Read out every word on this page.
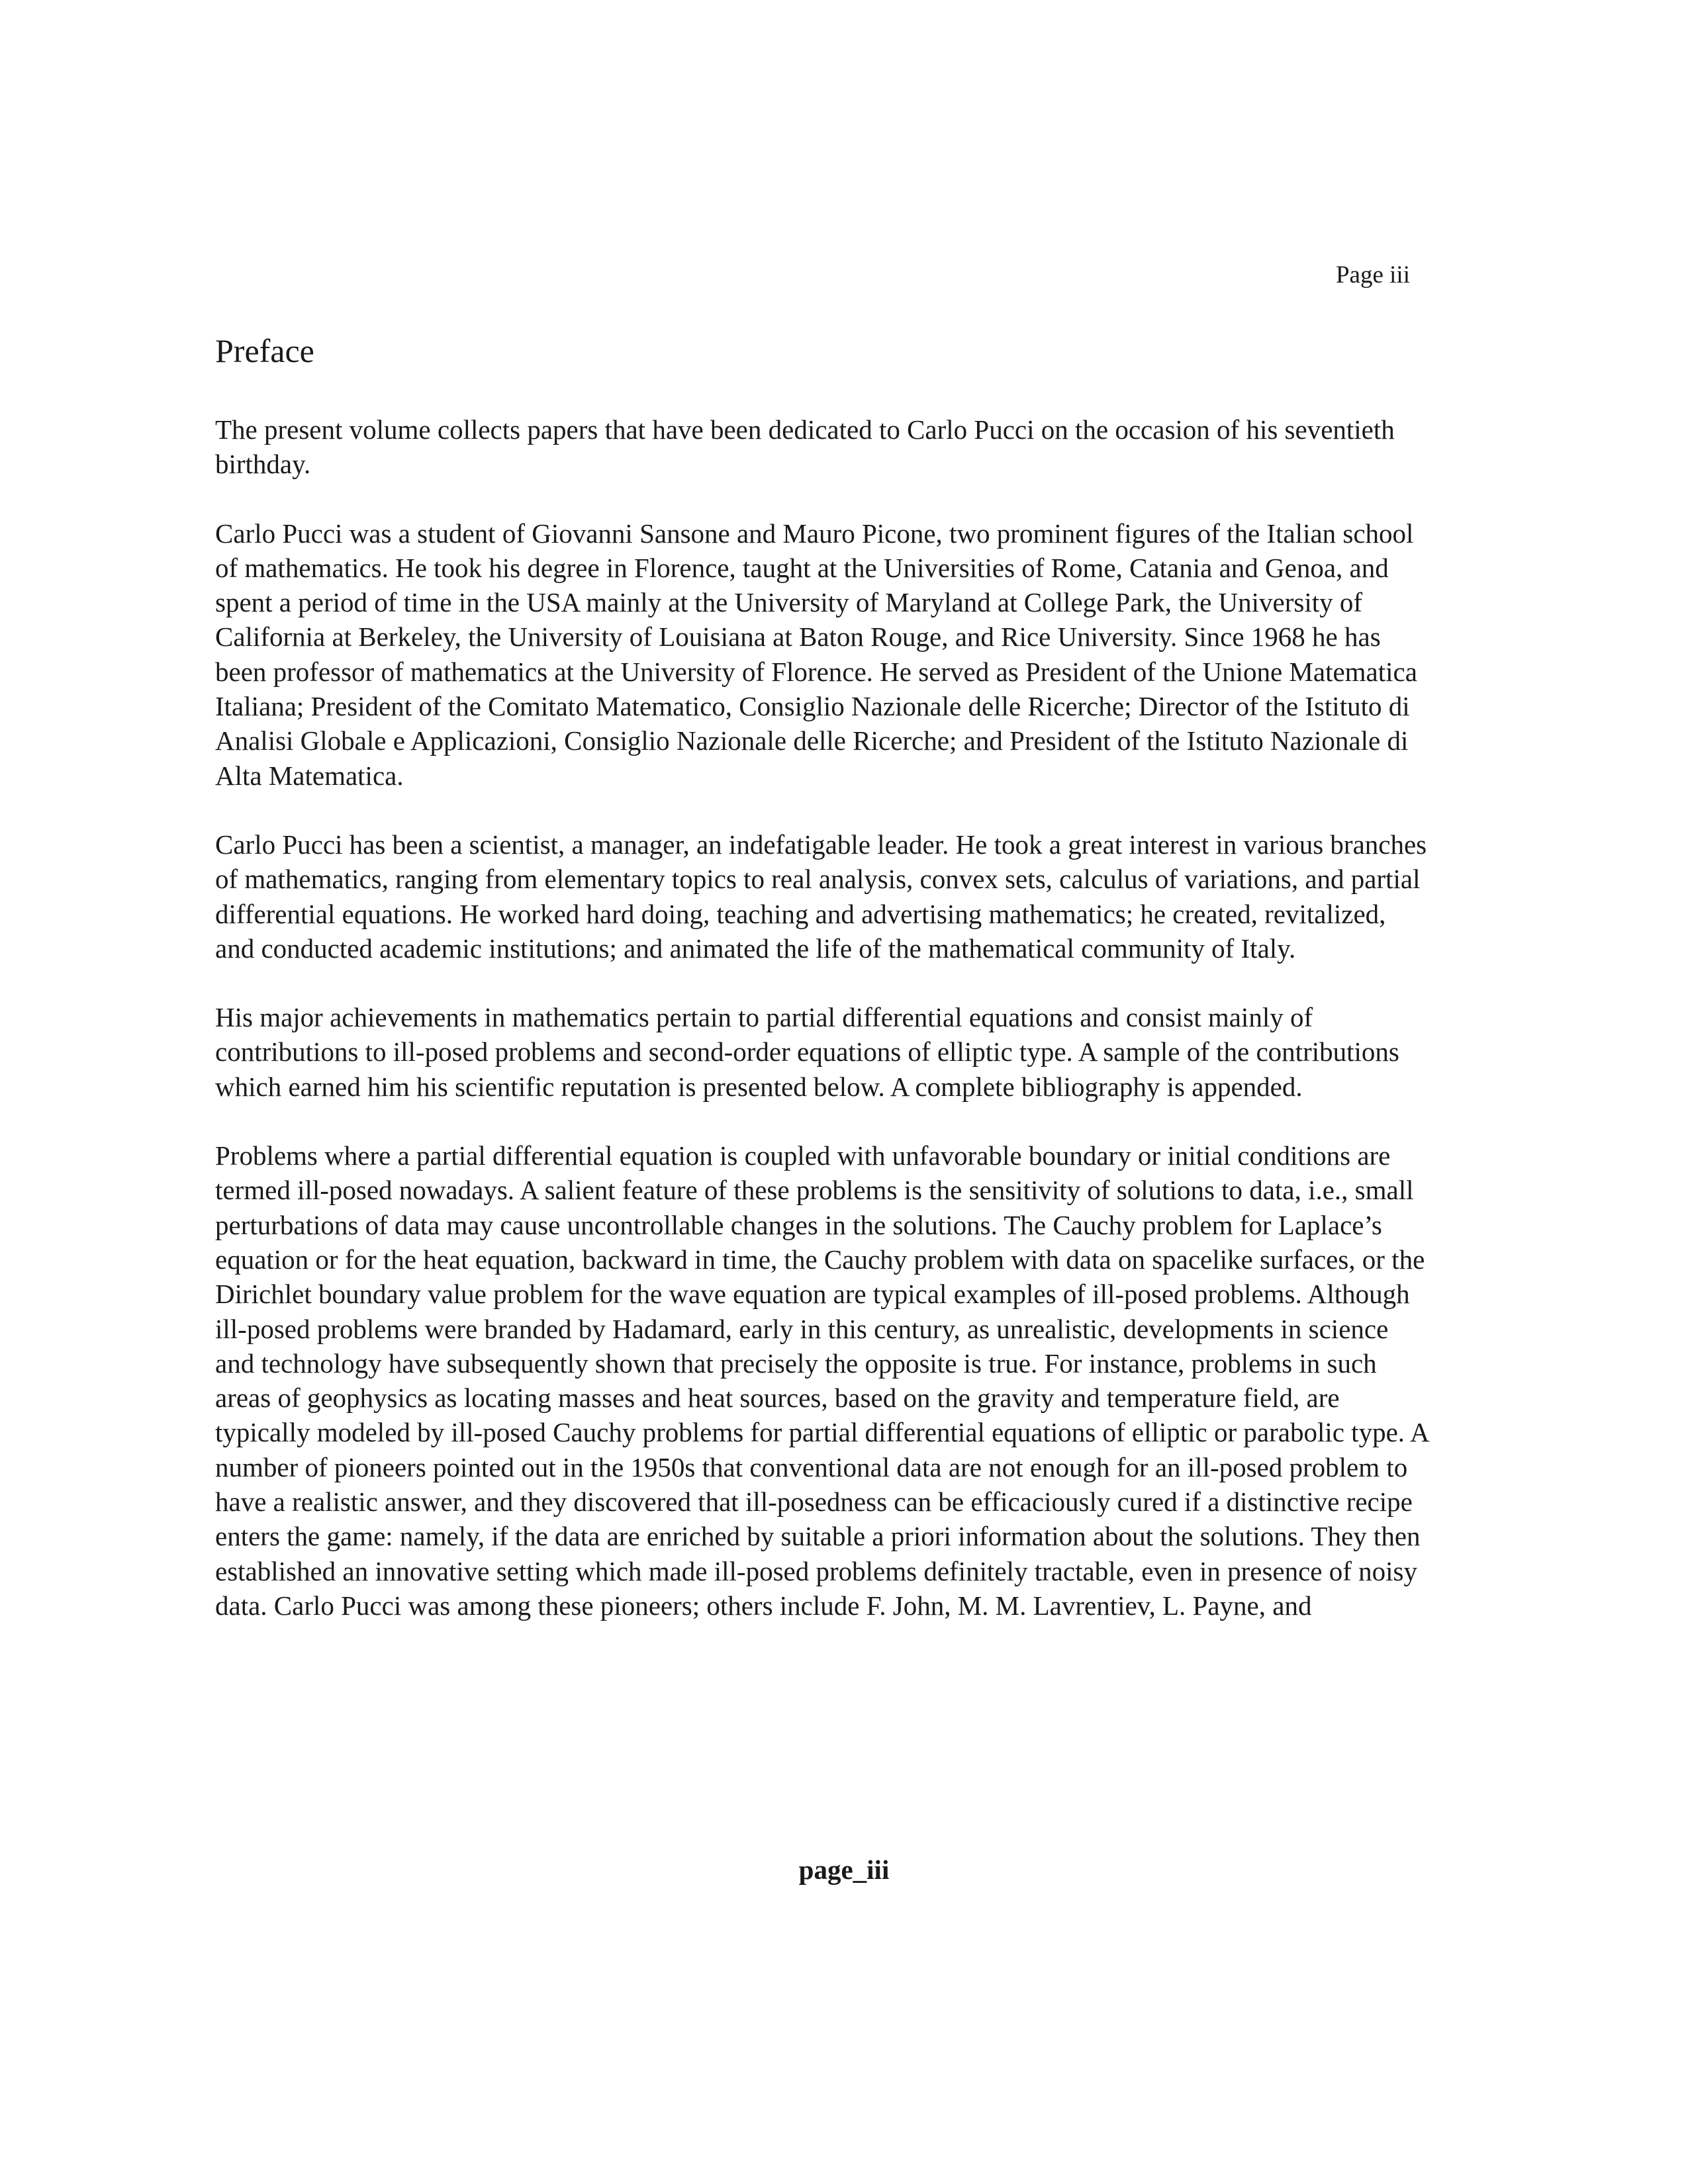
Page iii
Preface

The present volume collects papers that have been dedicated to Carlo Pucci on the occasion of his seventieth birthday.

Carlo Pucci was a student of Giovanni Sansone and Mauro Picone, two prominent figures of the Italian school of mathematics. He took his degree in Florence, taught at the Universities of Rome, Catania and Genoa, and spent a period of time in the USA mainly at the University of Maryland at College Park, the University of California at Berkeley, the University of Louisiana at Baton Rouge, and Rice University. Since 1968 he has been professor of mathematics at the University of Florence. He served as President of the Unione Matematica Italiana; President of the Comitato Matematico, Consiglio Nazionale delle Ricerche; Director of the Istituto di Analisi Globale e Applicazioni, Consiglio Nazionale delle Ricerche; and President of the Istituto Nazionale di Alta Matematica.

Carlo Pucci has been a scientist, a manager, an indefatigable leader. He took a great interest in various branches of mathematics, ranging from elementary topics to real analysis, convex sets, calculus of variations, and partial differential equations. He worked hard doing, teaching and advertising mathematics; he created, revitalized, and conducted academic institutions; and animated the life of the mathematical community of Italy.

His major achievements in mathematics pertain to partial differential equations and consist mainly of contributions to ill-posed problems and second-order equations of elliptic type. A sample of the contributions which earned him his scientific reputation is presented below. A complete bibliography is appended.

Problems where a partial differential equation is coupled with unfavorable boundary or initial conditions are termed ill-posed nowadays. A salient feature of these problems is the sensitivity of solutions to data, i.e., small perturbations of data may cause uncontrollable changes in the solutions. The Cauchy problem for Laplace’s equation or for the heat equation, backward in time, the Cauchy problem with data on spacelike surfaces, or the Dirichlet boundary value problem for the wave equation are typical examples of ill-posed problems. Although ill-posed problems were branded by Hadamard, early in this century, as unrealistic, developments in science and technology have subsequently shown that precisely the opposite is true. For instance, problems in such areas of geophysics as locating masses and heat sources, based on the gravity and temperature field, are typically modeled by ill-posed Cauchy problems for partial differential equations of elliptic or parabolic type. A number of pioneers pointed out in the 1950s that conventional data are not enough for an ill-posed problem to have a realistic answer, and they discovered that ill-posedness can be efficaciously cured if a distinctive recipe enters the game: namely, if the data are enriched by suitable a priori information about the solutions. They then established an innovative setting which made ill-posed problems definitely tractable, even in presence of noisy data. Carlo Pucci was among these pioneers; others include F. John, M. M. Lavrentiev, L. Payne, and

page_iii
